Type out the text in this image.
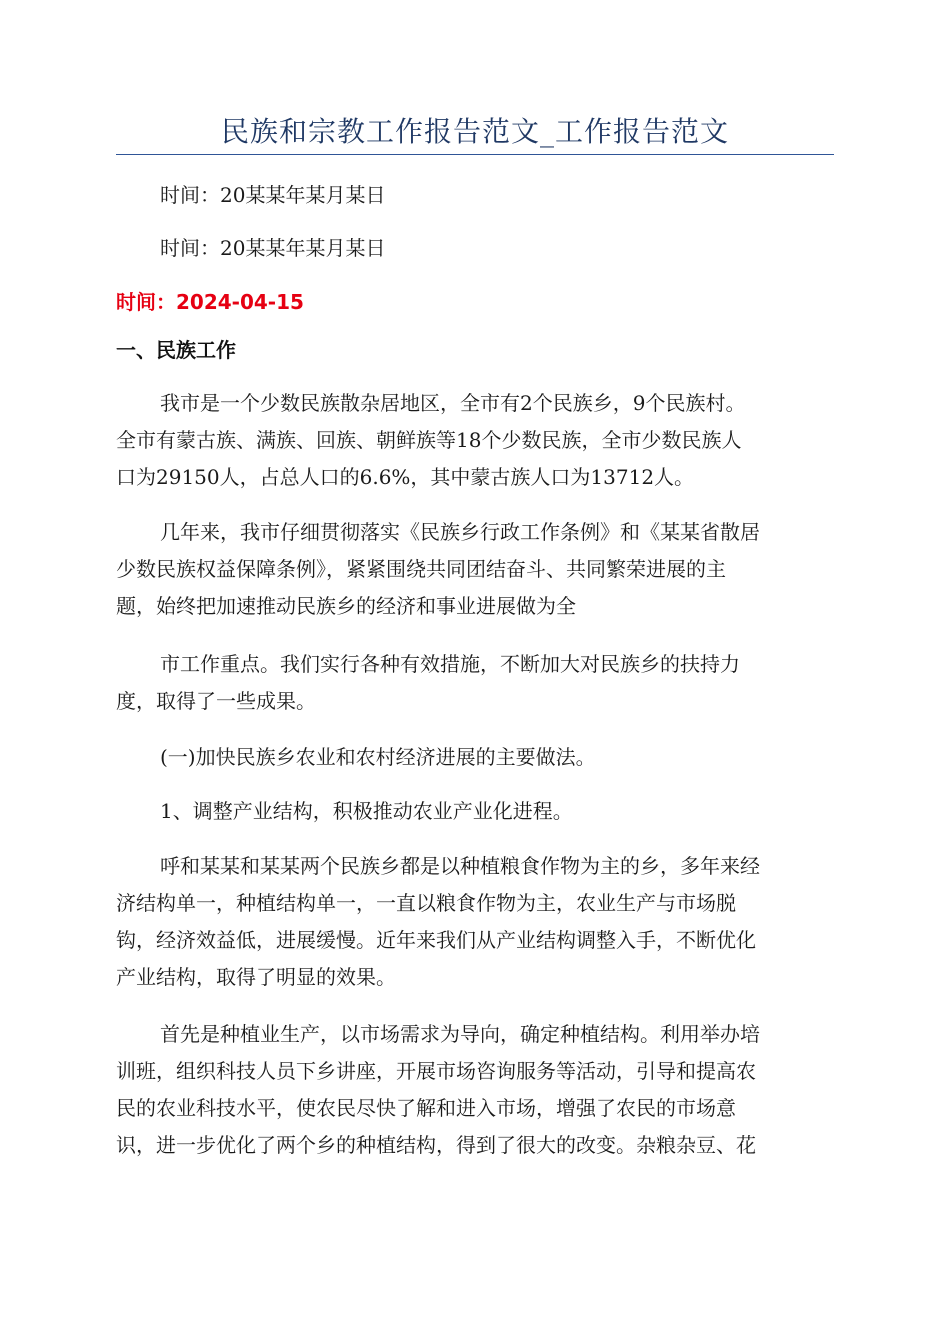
民族和宗教工作报告范文_工作报告范文
时间：20某某年某月某日
时间：20某某年某月某日
时间：2024-04-15
一、民族工作
我市是一个少数民族散杂居地区，全市有2个民族乡，9个民族村。
全市有蒙古族、满族、回族、朝鲜族等18个少数民族，全市少数民族人
口为29150人，占总人口的6.6%，其中蒙古族人口为13712人。
几年来，我市仔细贯彻落实《民族乡行政工作条例》和《某某省散居
少数民族权益保障条例》，紧紧围绕共同团结奋斗、共同繁荣进展的主
题，始终把加速推动民族乡的经济和事业进展做为全
市工作重点。我们实行各种有效措施，不断加大对民族乡的扶持力
度，取得了一些成果。
(一)加快民族乡农业和农村经济进展的主要做法。
1、调整产业结构，积极推动农业产业化进程。
呼和某某和某某两个民族乡都是以种植粮食作物为主的乡，多年来经
济结构单一，种植结构单一，一直以粮食作物为主，农业生产与市场脱
钩，经济效益低，进展缓慢。近年来我们从产业结构调整入手，不断优化
产业结构，取得了明显的效果。
首先是种植业生产，以市场需求为导向，确定种植结构。利用举办培
训班，组织科技人员下乡讲座，开展市场咨询服务等活动，引导和提高农
民的农业科技水平，使农民尽快了解和进入市场，增强了农民的市场意
识，进一步优化了两个乡的种植结构，得到了很大的改变。杂粮杂豆、花
